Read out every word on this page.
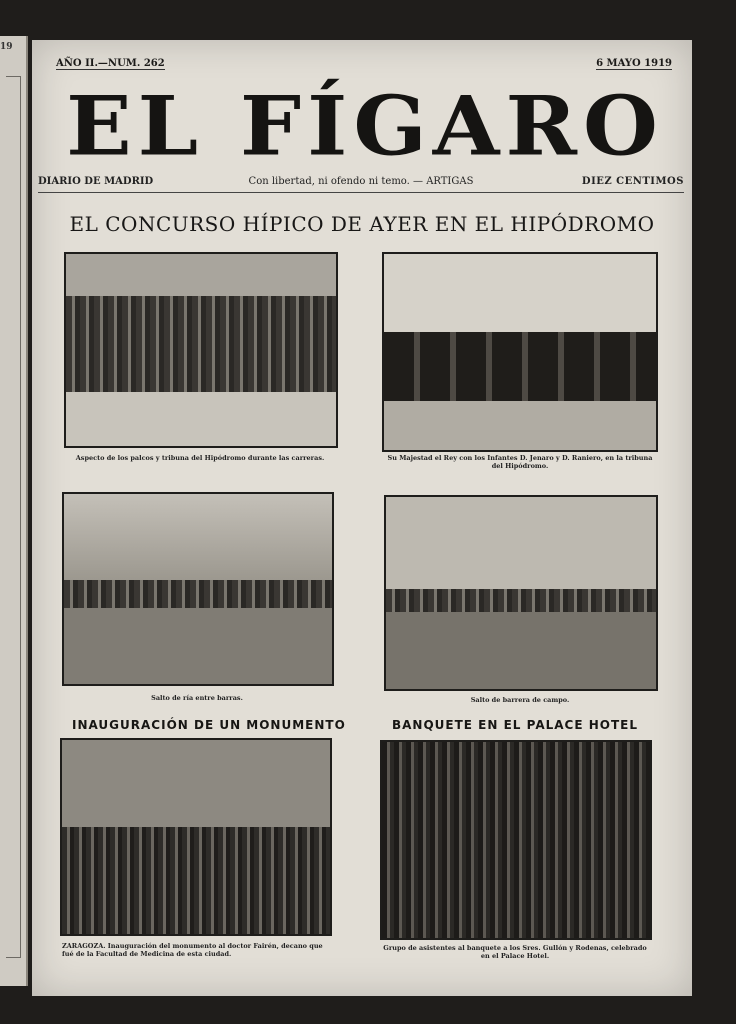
19
AÑO II.—NUM. 262	6 MAYO 1919
EL FÍGARO
DIARIO DE MADRID	Con libertad, ni ofendo ni temo. — ARTIGAS	DIEZ CENTIMOS
EL CONCURSO HÍPICO DE AYER EN EL HIPÓDROMO
Aspecto de los palcos y tribuna del Hipódromo durante las carreras.	Su Majestad el Rey con los Infantes D. Jenaro y D. Raniero, en la tribuna del Hipódromo.
Salto de ría entre barras.	Salto de barrera de campo.
INAUGURACIÓN DE UN MONUMENTO	BANQUETE EN EL PALACE HOTEL
ZARAGOZA. Inauguración del monumento al doctor Fairén, decano que fué de la Facultad de Medicina de esta ciudad.
Grupo de asistentes al banquete a los Sres. Gullón y Rodenas, celebrado en el Palace Hotel.
